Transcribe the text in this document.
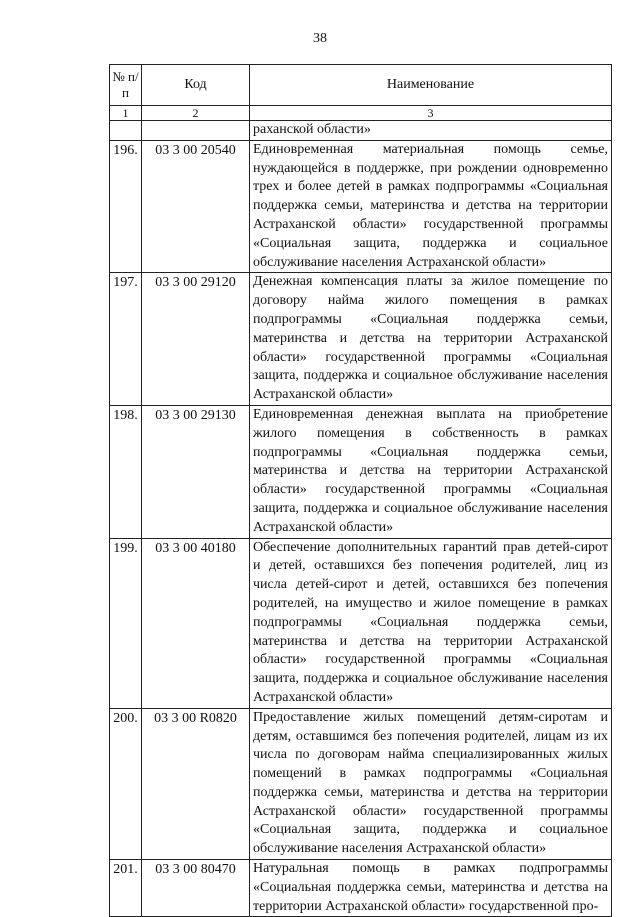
38
№ п/п	Код	Наименование
1	2	3
		раханской области»
196.	03 3 00 20540	Единовременная материальная помощь семье, нуждающейся в поддержке, при рождении одновременно трех и более детей в рамках подпрограммы «Социальная поддержка семьи, материнства и детства на территории Астраханской области» государственной программы «Социальная защита, поддержка и социальное обслуживание населения Астраханской области»
197.	03 3 00 29120	Денежная компенсация платы за жилое помещение по договору найма жилого помещения в рамках подпрограммы «Социальная поддержка семьи, материнства и детства на территории Астраханской области» государственной программы «Социальная защита, поддержка и социальное обслуживание населения Астраханской области»
198.	03 3 00 29130	Единовременная денежная выплата на приобретение жилого помещения в собственность в рамках подпрограммы «Социальная поддержка семьи, материнства и детства на территории Астраханской области» государственной программы «Социальная защита, поддержка и социальное обслуживание населения Астраханской области»
199.	03 3 00 40180	Обеспечение дополнительных гарантий прав детей-сирот и детей, оставшихся без попечения родителей, лиц из числа детей-сирот и детей, оставшихся без попечения родителей, на имущество и жилое помещение в рамках подпрограммы «Социальная поддержка семьи, материнства и детства на территории Астраханской области» государственной программы «Социальная защита, поддержка и социальное обслуживание населения Астраханской области»
200.	03 3 00 R0820	Предоставление жилых помещений детям-сиротам и детям, оставшимся без попечения родителей, лицам из их числа по договорам найма специализированных жилых помещений в рамках подпрограммы «Социальная поддержка семьи, материнства и детства на территории Астраханской области» государственной программы «Социальная защита, поддержка и социальное обслуживание населения Астраханской области»
201.	03 3 00 80470	Натуральная помощь в рамках подпрограммы «Социальная поддержка семьи, материнства и детства на территории Астраханской области» государственной про-
